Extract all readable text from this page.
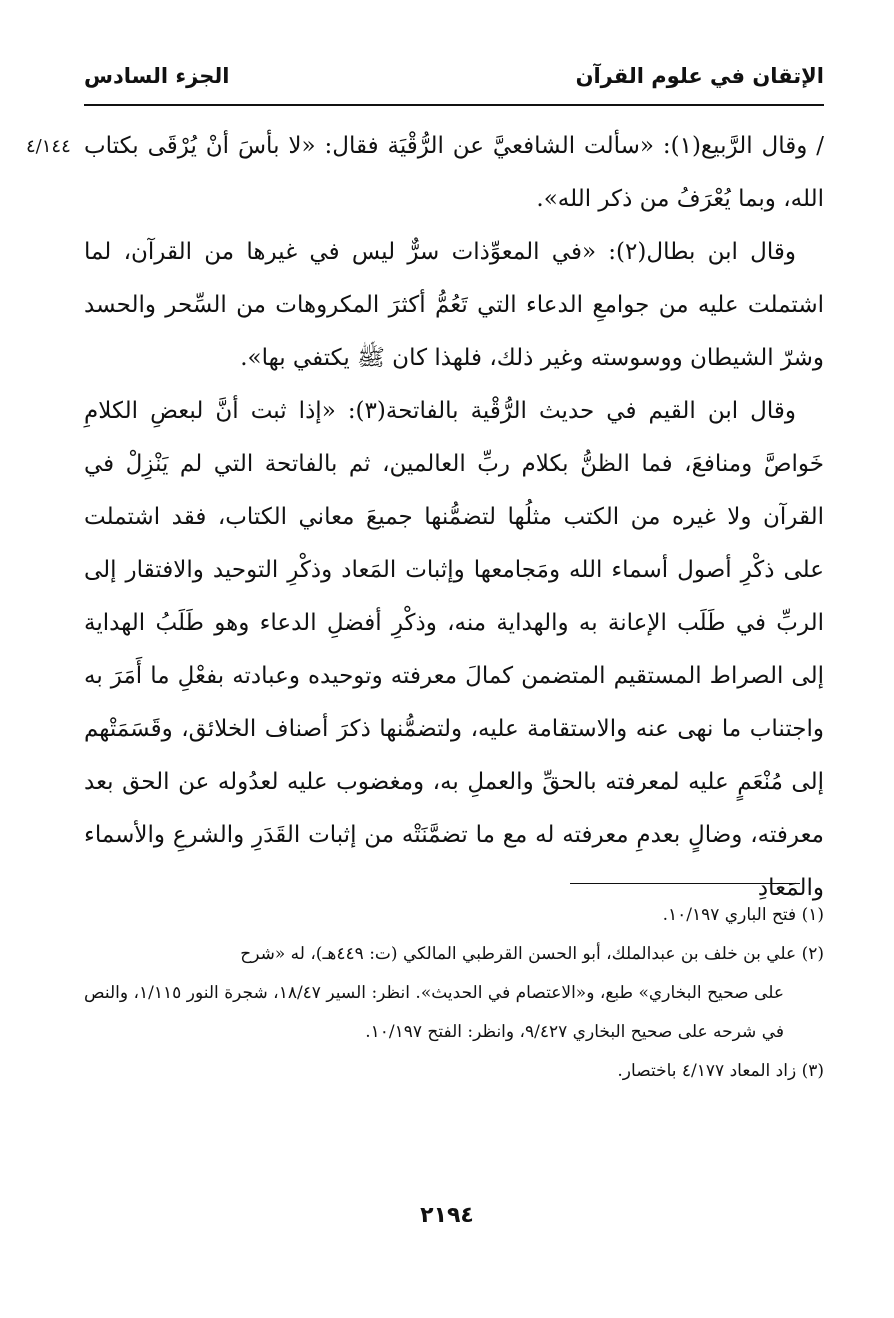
الإتقان في علوم القرآن
الجزء السادس
٤/١٤٤ / وقال الرَّبيع(١): «سألت الشافعيَّ عن الرُّقْيَة فقال: «لا بأسَ أنْ يُرْقَى بكتاب الله، وبما يُعْرَفُ من ذكر الله».

وقال ابن بطال(٢): «في المعوِّذات سرٌّ ليس في غيرها من القرآن، لما اشتملت عليه من جوامعِ الدعاء التي تَعُمُّ أكثرَ المكروهات من السِّحر والحسد وشرّ الشيطان ووسوسته وغير ذلك، فلهذا كان ﷺ يكتفي بها».

وقال ابن القيم في حديث الرُّقْية بالفاتحة(٣): «إذا ثبت أنَّ لبعضِ الكلامِ خَواصَّ ومنافعَ، فما الظنُّ بكلام ربِّ العالمين، ثم بالفاتحة التي لم يَنْزِلْ في القرآن ولا غيره من الكتب مثلُها لتضمُّنها جميعَ معاني الكتاب، فقد اشتملت على ذكْرِ أصول أسماء الله ومَجامعها وإثبات المَعاد وذكْرِ التوحيد والافتقار إلى الربِّ في طَلَب الإعانة به والهداية منه، وذكْرِ أفضلِ الدعاء وهو طَلَبُ الهداية إلى الصراط المستقيم المتضمن كمالَ معرفته وتوحيده وعبادته بفعْلِ ما أَمَرَ به واجتناب ما نهى عنه والاستقامة عليه، ولتضمُّنها ذكرَ أصناف الخلائق، وقَسَمَتْهم إلى مُنْعَمٍ عليه لمعرفته بالحقِّ والعملِ به، ومغضوب عليه لعدُوله عن الحق بعد معرفته، وضالٍ بعدمِ معرفته له مع ما تضمَّنَتْه من إثبات القَدَرِ والشرعِ والأسماء والمَعادِ

(١) فتح الباري ١٠/١٩٧.

(٢) علي بن خلف بن عبدالملك، أبو الحسن القرطبي المالكي (ت: ٤٤٩هـ)، له «شرح
على صحيح البخاري» طبع، و«الاعتصام في الحديث». انظر: السير ١٨/٤٧، شجرة النور ١/١١٥، والنص في شرحه على صحيح البخاري ٩/٤٢٧، وانظر: الفتح ١٠/١٩٧.

(٣) زاد المعاد ٤/١٧٧ باختصار.

٢١٩٤
